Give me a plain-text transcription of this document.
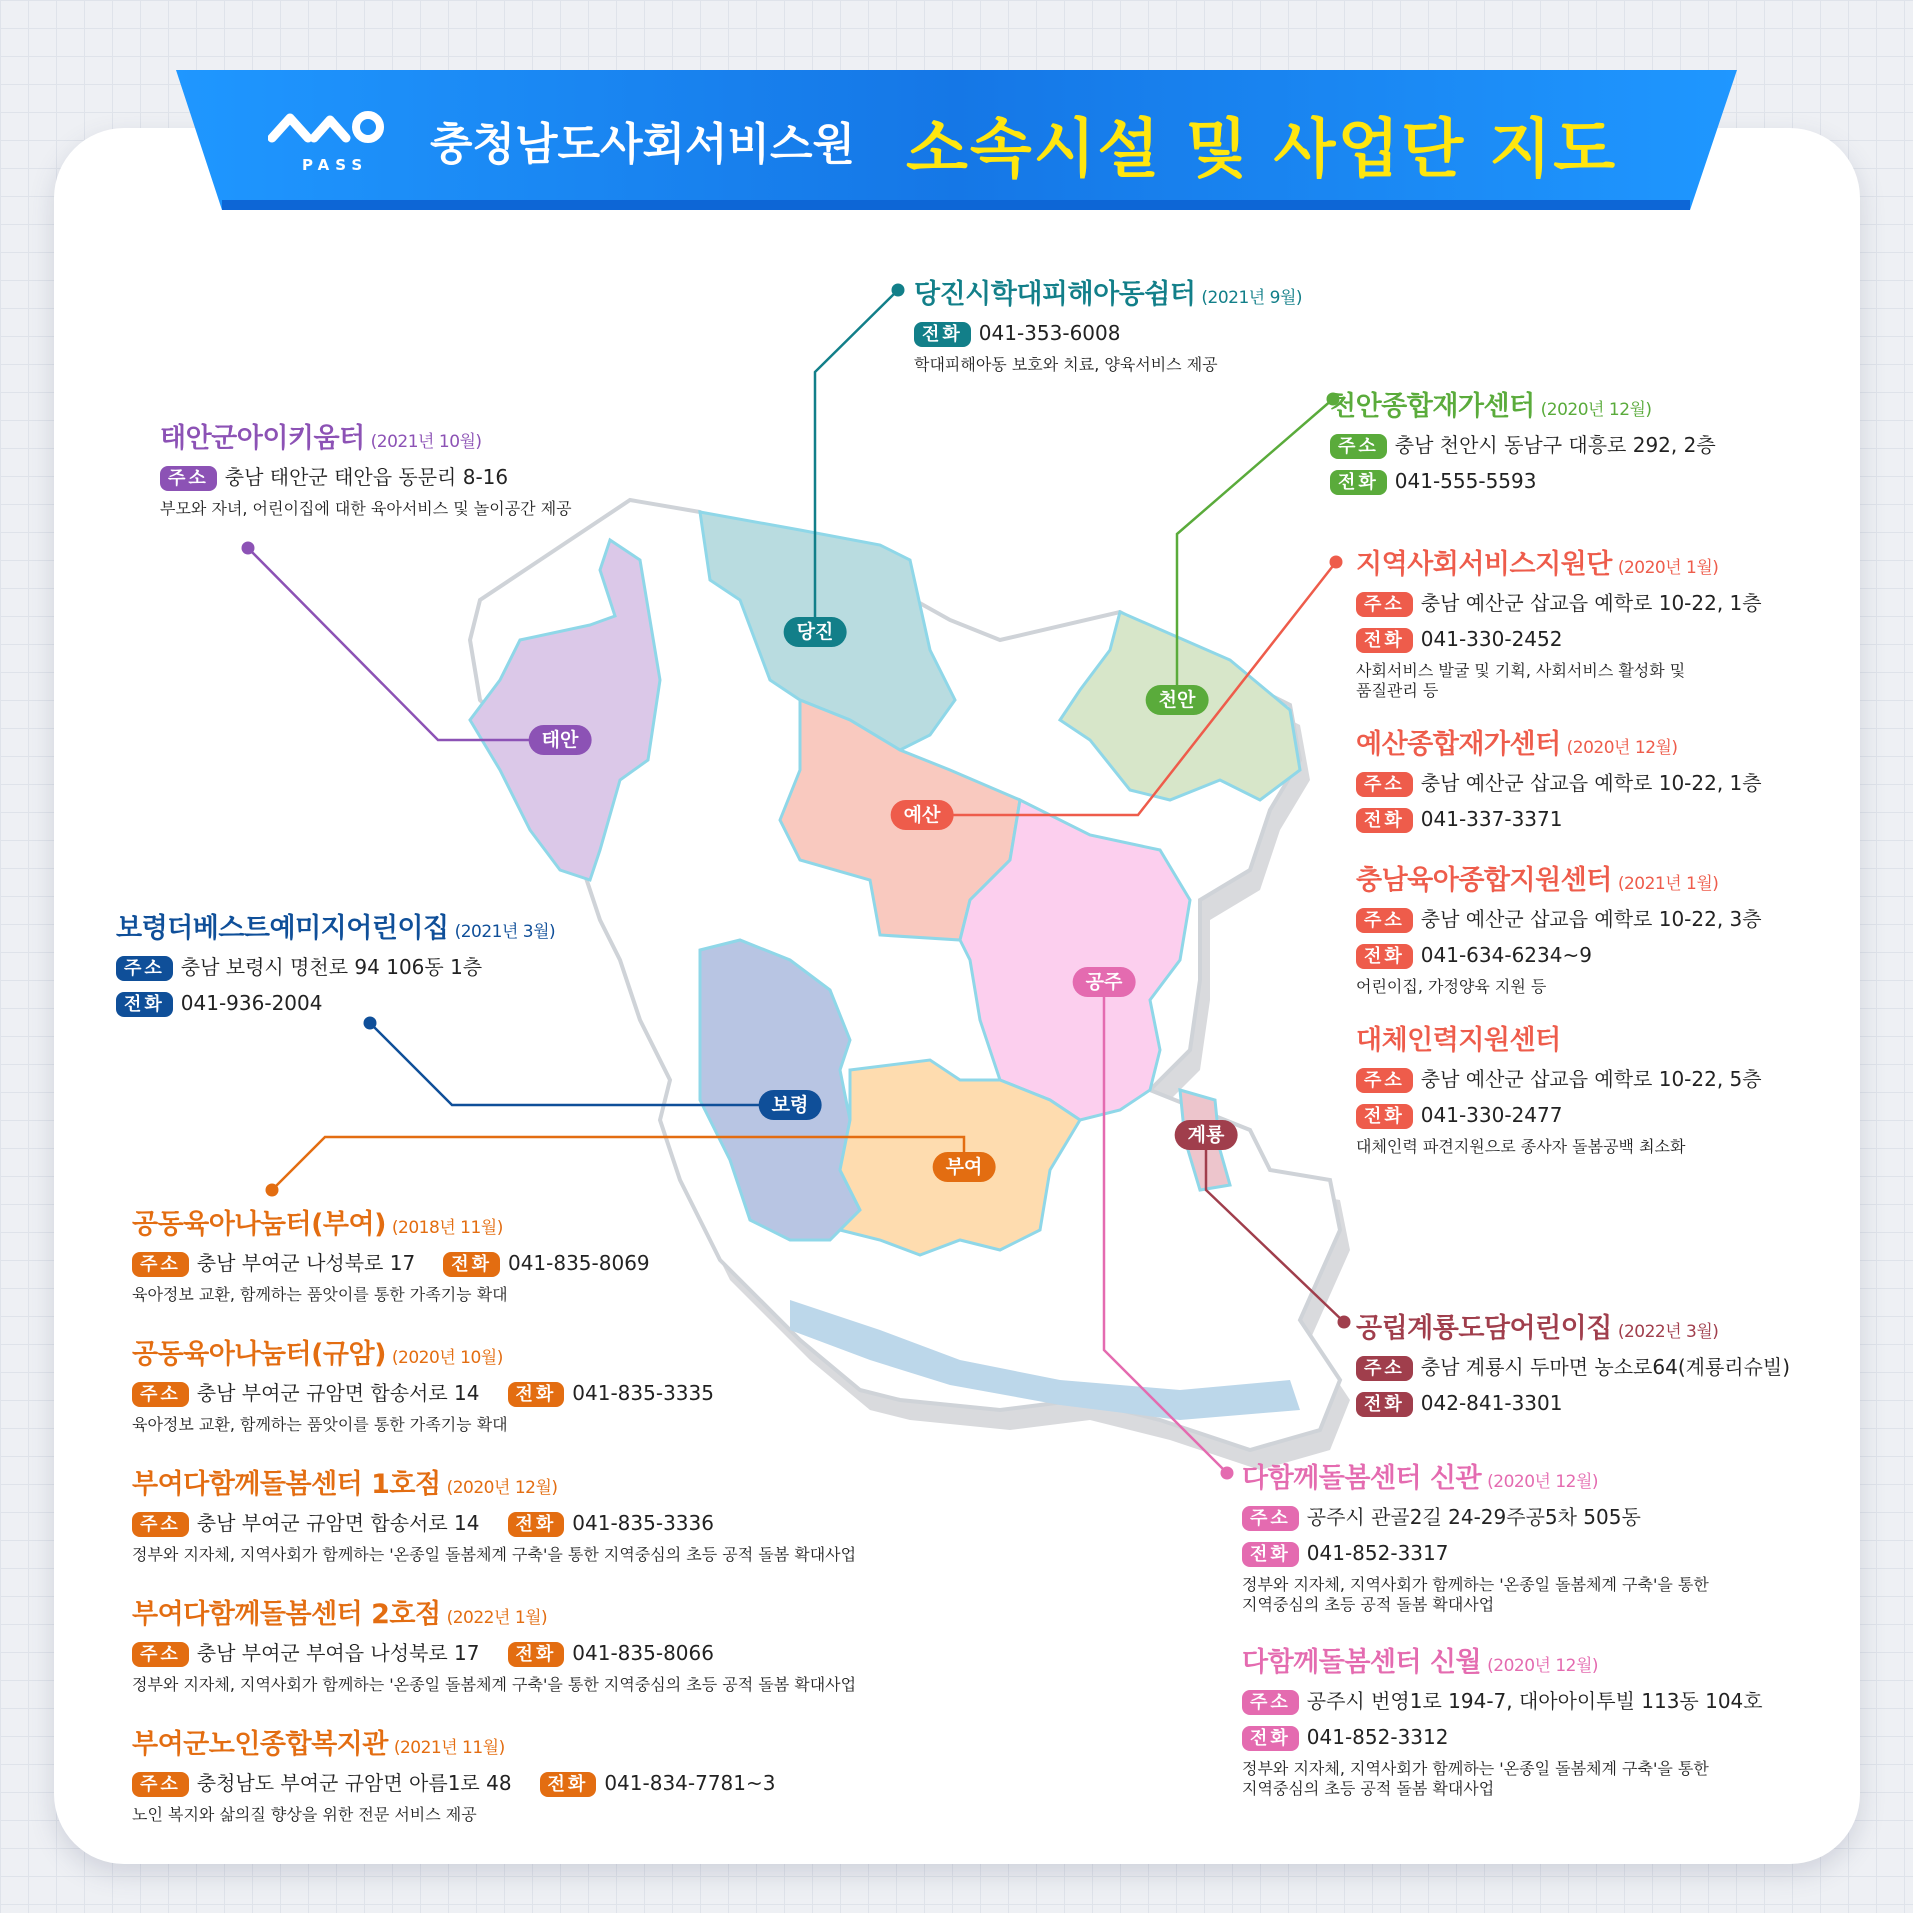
PASS 충청남도사회서비스원 소속시설 및 사업단 지도
당진
태안
천안
예산
공주
보령
부여
계룡
당진시학대피해아동쉼터 (2021년 9월)
전화 041-353-6008
학대피해아동 보호와 치료, 양육서비스 제공
태안군아이키움터 (2021년 10월)
주소 충남 태안군 태안읍 동문리 8-16
부모와 자녀, 어린이집에 대한 육아서비스 및 놀이공간 제공
천안종합재가센터 (2020년 12월)
주소 충남 천안시 동남구 대흥로 292, 2층
전화 041-555-5593
지역사회서비스지원단 (2020년 1월)
주소 충남 예산군 삽교읍 예학로 10-22, 1층
전화 041-330-2452
사회서비스 발굴 및 기획, 사회서비스 활성화 및
품질관리 등
예산종합재가센터 (2020년 12월)
주소 충남 예산군 삽교읍 예학로 10-22, 1층
전화 041-337-3371
충남육아종합지원센터 (2021년 1월)
주소 충남 예산군 삽교읍 예학로 10-22, 3층
전화 041-634-6234~9
어린이집, 가정양육 지원 등
대체인력지원센터
주소 충남 예산군 삽교읍 예학로 10-22, 5층
전화 041-330-2477
대체인력 파견지원으로 종사자 돌봄공백 최소화
보령더베스트예미지어린이집 (2021년 3월)
주소 충남 보령시 명천로 94 106동 1층
전화 041-936-2004
공동육아나눔터(부여) (2018년 11월)
주소 충남 부여군 나성북로 17 전화 041-835-8069
육아정보 교환, 함께하는 품앗이를 통한 가족기능 확대
공동육아나눔터(규암) (2020년 10월)
주소 충남 부여군 규암면 합송서로 14 전화 041-835-3335
육아정보 교환, 함께하는 품앗이를 통한 가족기능 확대
부여다함께돌봄센터 1호점 (2020년 12월)
주소 충남 부여군 규암면 합송서로 14 전화 041-835-3336
정부와 지자체, 지역사회가 함께하는 '온종일 돌봄체계 구축'을 통한 지역중심의 초등 공적 돌봄 확대사업
부여다함께돌봄센터 2호점 (2022년 1월)
주소 충남 부여군 부여읍 나성북로 17 전화 041-835-8066
정부와 지자체, 지역사회가 함께하는 '온종일 돌봄체계 구축'을 통한 지역중심의 초등 공적 돌봄 확대사업
부여군노인종합복지관 (2021년 11월)
주소 충청남도 부여군 규암면 아름1로 48 전화 041-834-7781~3
노인 복지와 삶의질 향상을 위한 전문 서비스 제공
공립계룡도담어린이집 (2022년 3월)
주소 충남 계룡시 두마면 농소로64(계룡리슈빌)
전화 042-841-3301
다함께돌봄센터 신관 (2020년 12월)
주소 공주시 관골2길 24-29주공5차 505동
전화 041-852-3317
정부와 지자체, 지역사회가 함께하는 '온종일 돌봄체계 구축'을 통한
지역중심의 초등 공적 돌봄 확대사업
다함께돌봄센터 신월 (2020년 12월)
주소 공주시 번영1로 194-7, 대아아이투빌 113동 104호
전화 041-852-3312
정부와 지자체, 지역사회가 함께하는 '온종일 돌봄체계 구축'을 통한
지역중심의 초등 공적 돌봄 확대사업
